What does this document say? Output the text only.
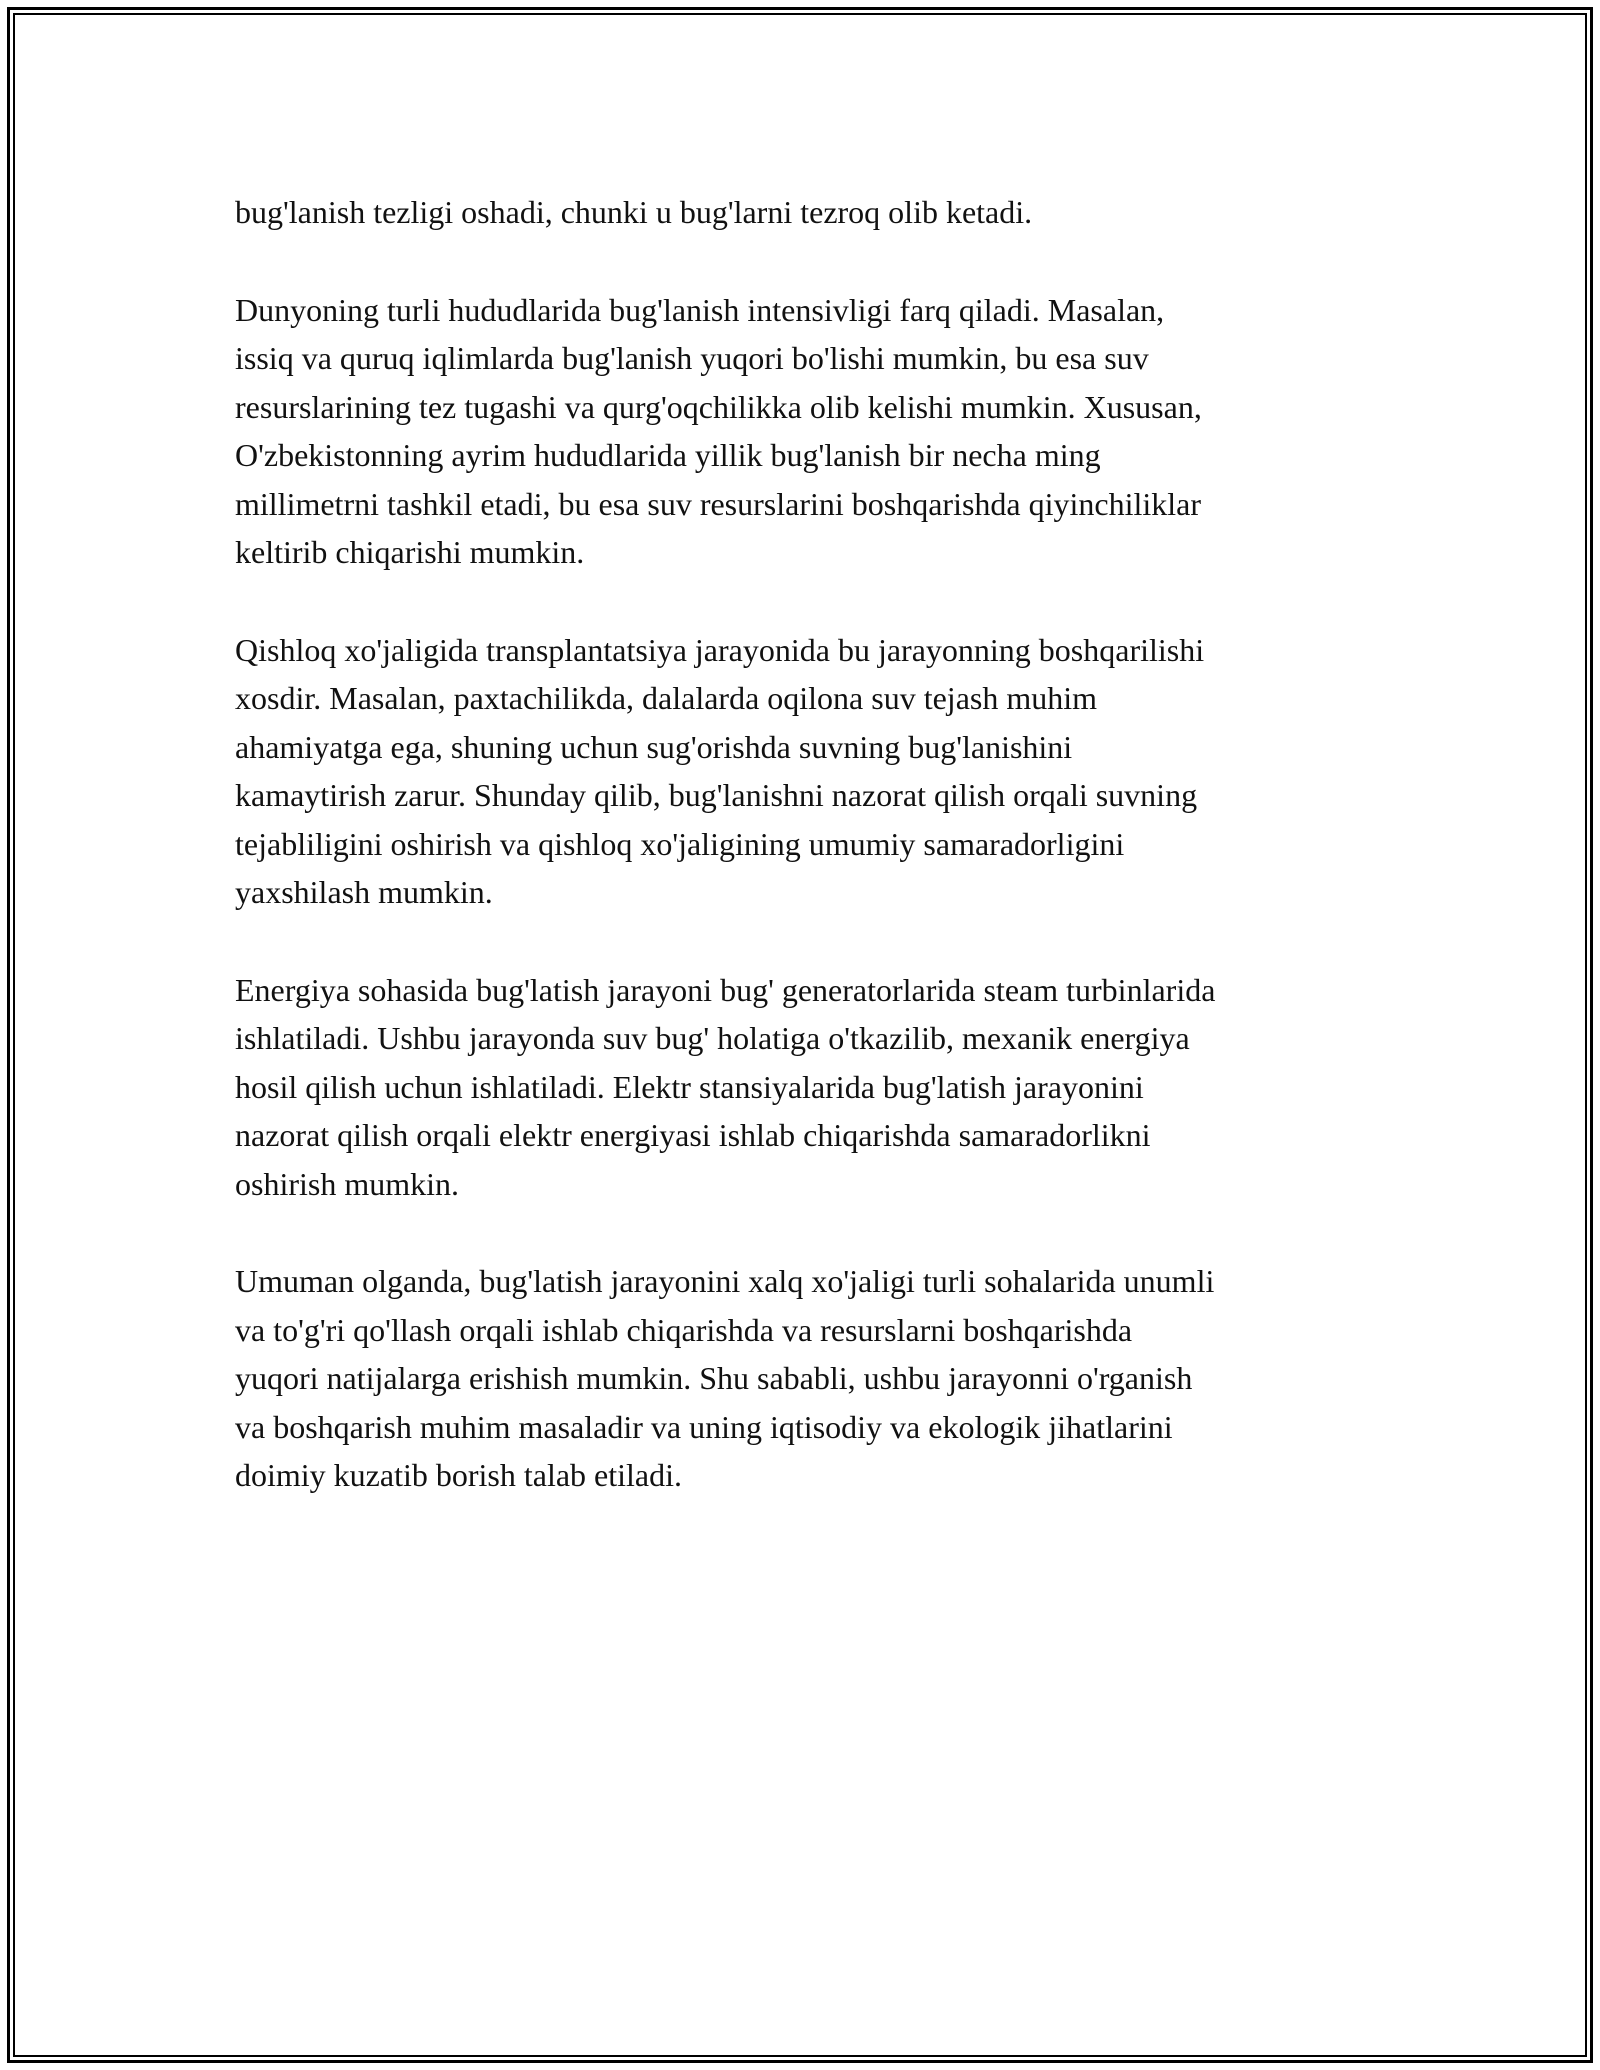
bug'lanish tezligi oshadi, chunki u bug'larni tezroq olib ketadi.

Dunyoning turli hududlarida bug'lanish intensivligi farq qiladi. Masalan,
issiq va quruq iqlimlarda bug'lanish yuqori bo'lishi mumkin, bu esa suv
resurslarining tez tugashi va qurg'oqchilikka olib kelishi mumkin. Xususan,
O'zbekistonning ayrim hududlarida yillik bug'lanish bir necha ming
millimetrni tashkil etadi, bu esa suv resurslarini boshqarishda qiyinchiliklar
keltirib chiqarishi mumkin.

Qishloq xo'jaligida transplantatsiya jarayonida bu jarayonning boshqarilishi
xosdir. Masalan, paxtachilikda, dalalarda oqilona suv tejash muhim
ahamiyatga ega, shuning uchun sug'orishda suvning bug'lanishini
kamaytirish zarur. Shunday qilib, bug'lanishni nazorat qilish orqali suvning
tejabliligini oshirish va qishloq xo'jaligining umumiy samaradorligini
yaxshilash mumkin.

Energiya sohasida bug'latish jarayoni bug' generatorlarida steam turbinlarida
ishlatiladi. Ushbu jarayonda suv bug' holatiga o'tkazilib, mexanik energiya
hosil qilish uchun ishlatiladi. Elektr stansiyalarida bug'latish jarayonini
nazorat qilish orqali elektr energiyasi ishlab chiqarishda samaradorlikni
oshirish mumkin.

Umuman olganda, bug'latish jarayonini xalq xo'jaligi turli sohalarida unumli
va to'g'ri qo'llash orqali ishlab chiqarishda va resurslarni boshqarishda
yuqori natijalarga erishish mumkin. Shu sababli, ushbu jarayonni o'rganish
va boshqarish muhim masaladir va uning iqtisodiy va ekologik jihatlarini
doimiy kuzatib borish talab etiladi.
